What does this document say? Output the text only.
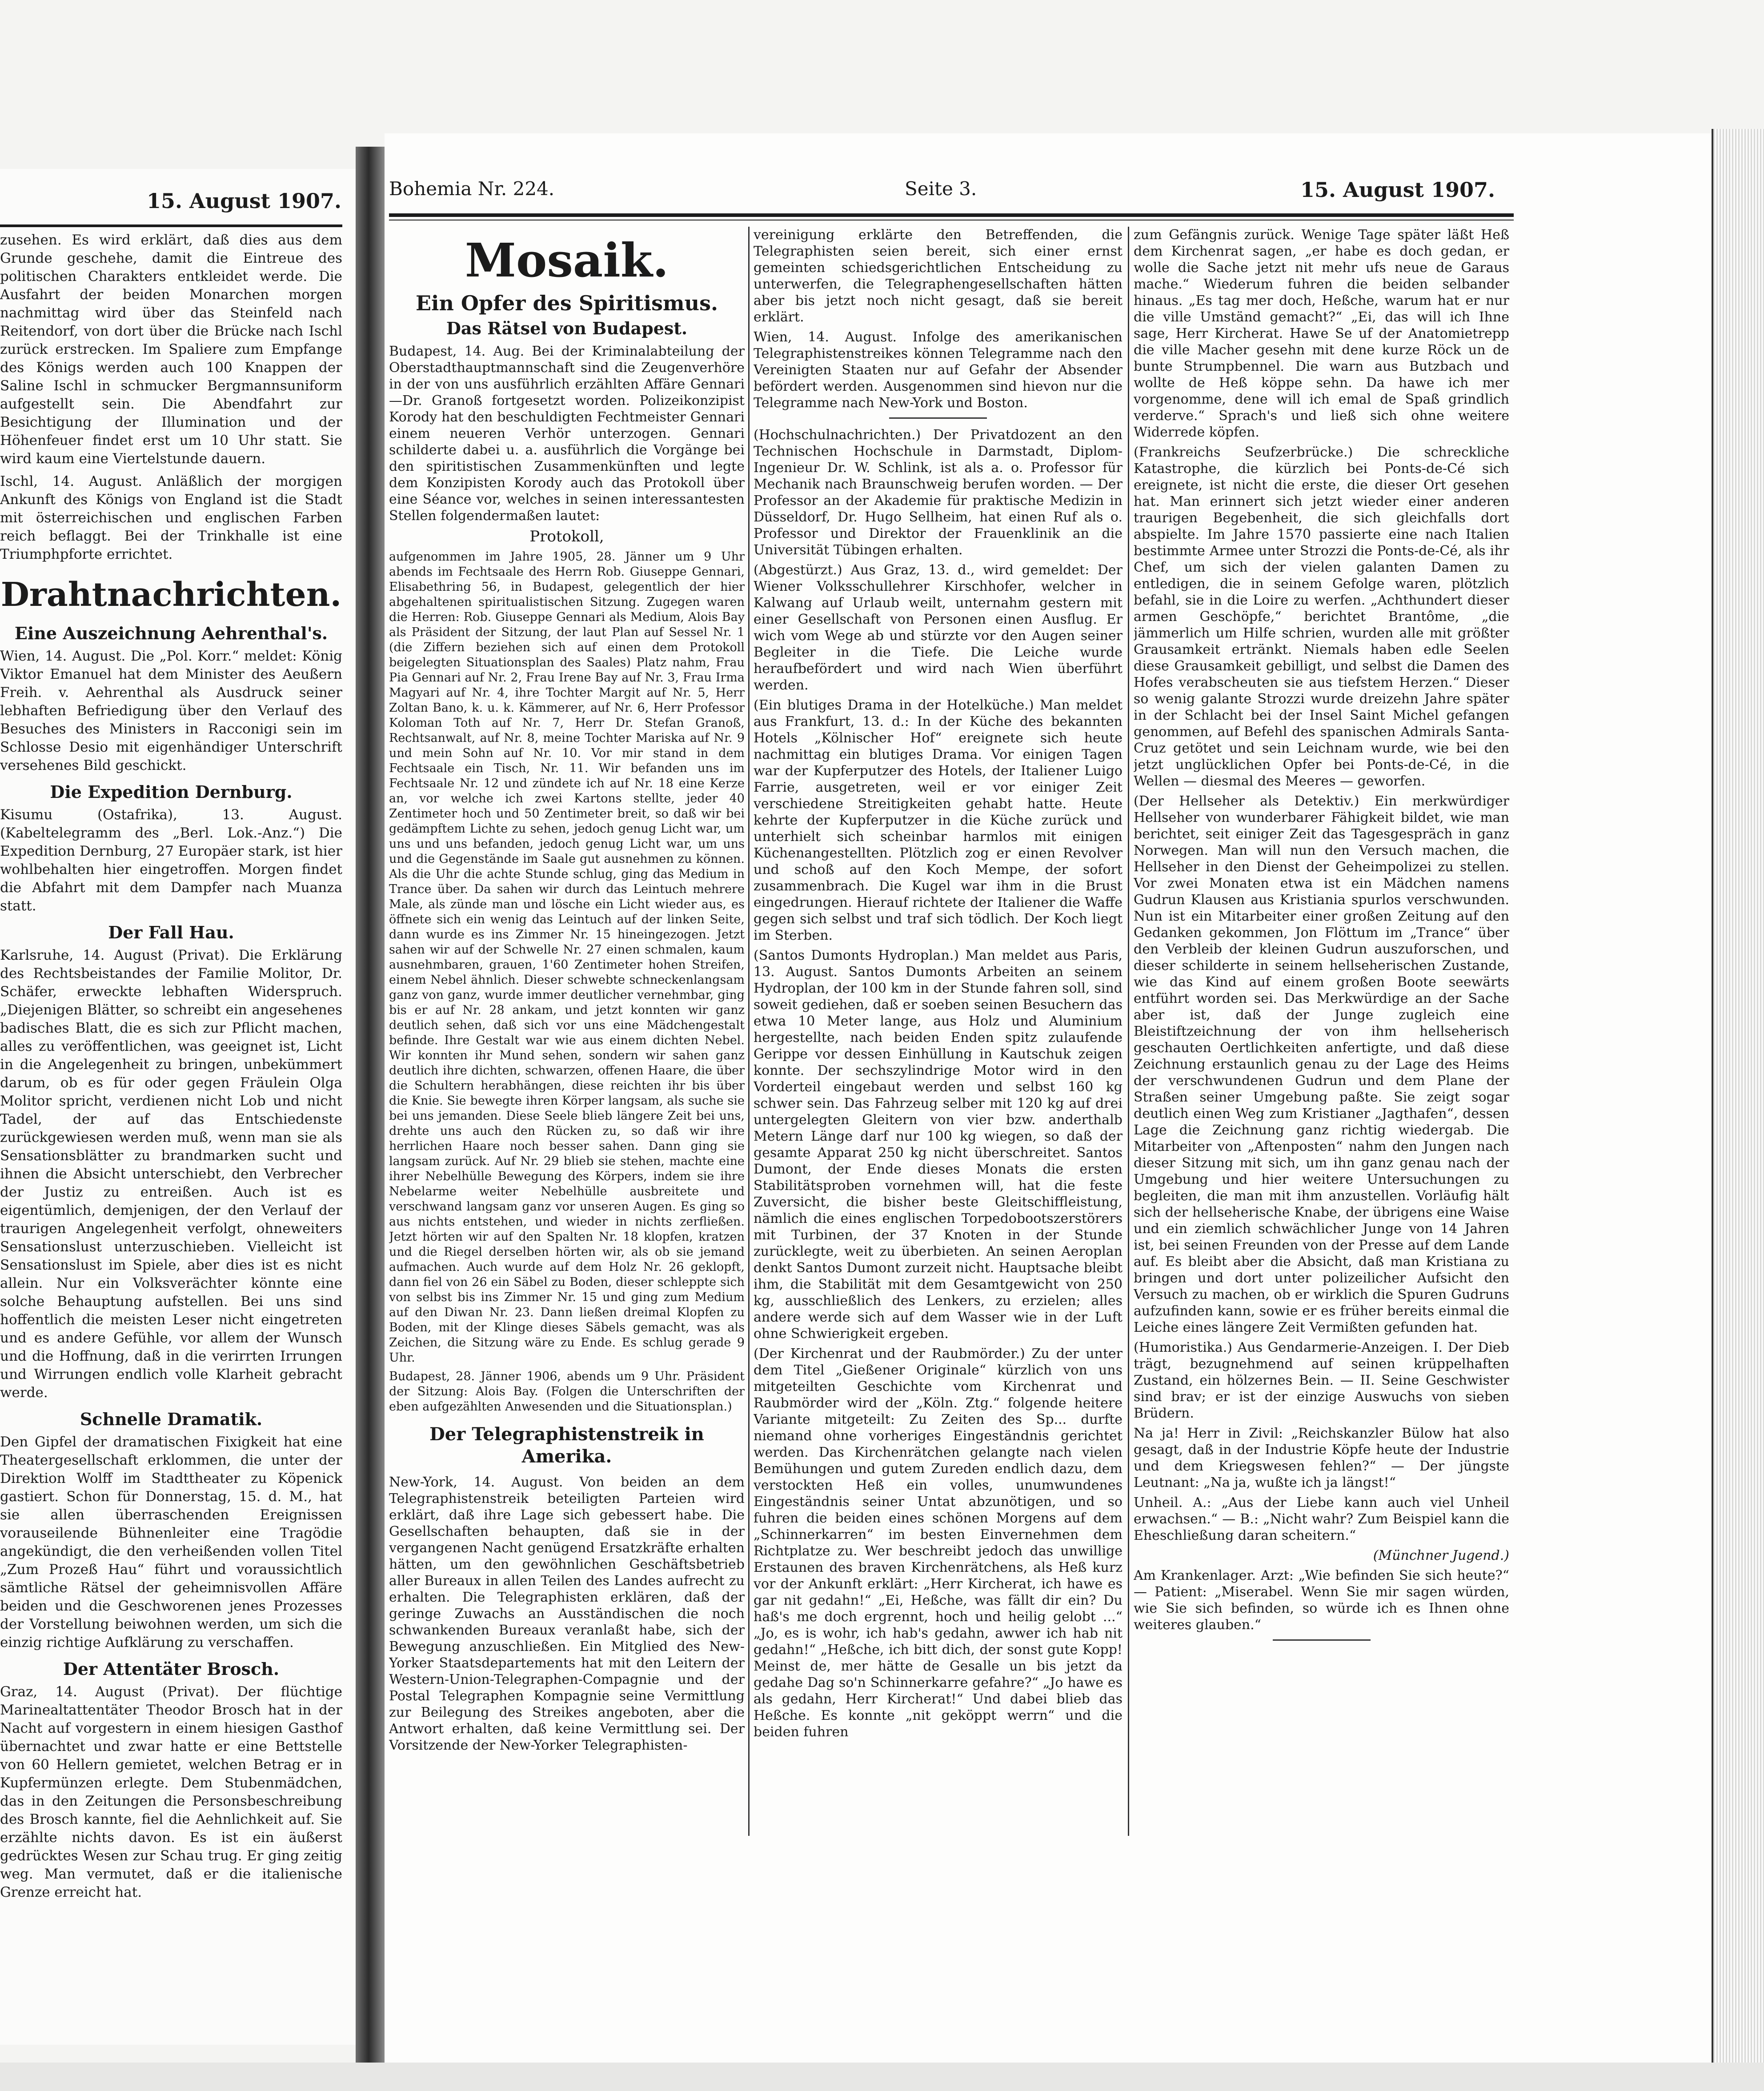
15. August 1907.

zusehen. Es wird erklärt, daß dies aus dem Grunde geschehe, damit die Eintreue des politischen Charakters entkleidet werde. Die Ausfahrt der beiden Monarchen morgen nachmittag wird über das Steinfeld nach Reitendorf, von dort über die Brücke nach Ischl zurück erstrecken. Im Spaliere zum Empfange des Königs werden auch 100 Knappen der Saline Ischl in schmucker Bergmannsuniform aufgestellt sein. Die Abendfahrt zur Besichtigung der Illumination und der Höhenfeuer findet erst um 10 Uhr statt. Sie wird kaum eine Viertelstunde dauern.

Ischl, 14. August. Anläßlich der morgigen Ankunft des Königs von England ist die Stadt mit österreichischen und englischen Farben reich beflaggt. Bei der Trinkhalle ist eine Triumphpforte errichtet.

Drahtnachrichten.
Eine Auszeichnung Aehrenthal's.

Wien, 14. August. Die „Pol. Korr.“ meldet: König Viktor Emanuel hat dem Minister des Aeußern Freih. v. Aehrenthal als Ausdruck seiner lebhaften Befriedigung über den Verlauf des Besuches des Ministers in Racconigi sein im Schlosse Desio mit eigenhändiger Unterschrift versehenes Bild geschickt.

Die Expedition Dernburg.

Kisumu (Ostafrika), 13. August. (Kabeltelegramm des „Berl. Lok.-Anz.“) Die Expedition Dernburg, 27 Europäer stark, ist hier wohlbehalten hier eingetroffen. Morgen findet die Abfahrt mit dem Dampfer nach Muanza statt.

Der Fall Hau.

Karlsruhe, 14. August (Privat). Die Erklärung des Rechtsbeistandes der Familie Molitor, Dr. Schäfer, erweckte lebhaften Widerspruch. „Diejenigen Blätter, so schreibt ein angesehenes badisches Blatt, die es sich zur Pflicht machen, alles zu veröffentlichen, was geeignet ist, Licht in die Angelegenheit zu bringen, unbekümmert darum, ob es für oder gegen Fräulein Olga Molitor spricht, verdienen nicht Lob und nicht Tadel, der auf das Entschiedenste zurückgewiesen werden muß, wenn man sie als Sensationsblätter zu brandmarken sucht und ihnen die Absicht unterschiebt, den Verbrecher der Justiz zu entreißen. Auch ist es eigentümlich, demjenigen, der den Verlauf der traurigen Angelegenheit verfolgt, ohneweiters Sensationslust unterzuschieben. Vielleicht ist Sensationslust im Spiele, aber dies ist es nicht allein. Nur ein Volksverächter könnte eine solche Behauptung aufstellen. Bei uns sind hoffentlich die meisten Leser nicht eingetreten und es andere Gefühle, vor allem der Wunsch und die Hoffnung, daß in die verirrten Irrungen und Wirrungen endlich volle Klarheit gebracht werde.

Schnelle Dramatik.

Den Gipfel der dramatischen Fixigkeit hat eine Theatergesellschaft erklommen, die unter der Direktion Wolff im Stadttheater zu Köpenick gastiert. Schon für Donnerstag, 15. d. M., hat sie allen überraschenden Ereignissen vorauseilende Bühnenleiter eine Tragödie angekündigt, die den verheißenden vollen Titel „Zum Prozeß Hau“ führt und voraussichtlich sämtliche Rätsel der geheimnisvollen Affäre beiden und die Geschworenen jenes Prozesses der Vorstellung beiwohnen werden, um sich die einzig richtige Aufklärung zu verschaffen.

Der Attentäter Brosch.

Graz, 14. August (Privat). Der flüchtige Marinealtattentäter Theodor Brosch hat in der Nacht auf vorgestern in einem hiesigen Gasthof übernachtet und zwar hatte er eine Bettstelle von 60 Hellern gemietet, welchen Betrag er in Kupfermünzen erlegte. Dem Stubenmädchen, das in den Zeitungen die Personsbeschreibung des Brosch kannte, fiel die Aehnlichkeit auf. Sie erzählte nichts davon. Es ist ein äußerst gedrücktes Wesen zur Schau trug. Er ging zeitig weg. Man vermutet, daß er die italienische Grenze erreicht hat.

Bohemia Nr. 224.	Seite 3.	15. August 1907.
Mosaik.
Ein Opfer des Spiritismus.
Das Rätsel von Budapest.

Budapest, 14. Aug. Bei der Kriminalabteilung der Oberstadthauptmannschaft sind die Zeugenverhöre in der von uns ausführlich erzählten Affäre Gennari—Dr. Granoß fortgesetzt worden. Polizeikonzipist Korody hat den beschuldigten Fechtmeister Gennari einem neueren Verhör unterzogen. Gennari schilderte dabei u. a. ausführlich die Vorgänge bei den spiritistischen Zusammenkünften und legte dem Konzipisten Korody auch das Protokoll über eine Séance vor, welches in seinen interessantesten Stellen folgendermaßen lautet:

Protokoll,

aufgenommen im Jahre 1905, 28. Jänner um 9 Uhr abends im Fechtsaale des Herrn Rob. Giuseppe Gennari, Elisabethring 56, in Budapest, gelegentlich der hier abgehaltenen spiritualistischen Sitzung. Zugegen waren die Herren: Rob. Giuseppe Gennari als Medium, Alois Bay als Präsident der Sitzung, der laut Plan auf Sessel Nr. 1 (die Ziffern beziehen sich auf einen dem Protokoll beigelegten Situationsplan des Saales) Platz nahm, Frau Pia Gennari auf Nr. 2, Frau Irene Bay auf Nr. 3, Frau Irma Magyari auf Nr. 4, ihre Tochter Margit auf Nr. 5, Herr Zoltan Bano, k. u. k. Kämmerer, auf Nr. 6, Herr Professor Koloman Toth auf Nr. 7, Herr Dr. Stefan Granoß, Rechtsanwalt, auf Nr. 8, meine Tochter Mariska auf Nr. 9 und mein Sohn auf Nr. 10. Vor mir stand in dem Fechtsaale ein Tisch, Nr. 11. Wir befanden uns im Fechtsaale Nr. 12 und zündete ich auf Nr. 18 eine Kerze an, vor welche ich zwei Kartons stellte, jeder 40 Zentimeter hoch und 50 Zentimeter breit, so daß wir bei gedämpftem Lichte zu sehen, jedoch genug Licht war, um uns und uns befanden, jedoch genug Licht war, um uns und die Gegenstände im Saale gut ausnehmen zu können. Als die Uhr die achte Stunde schlug, ging das Medium in Trance über. Da sahen wir durch das Leintuch mehrere Male, als zünde man und lösche ein Licht wieder aus, es öffnete sich ein wenig das Leintuch auf der linken Seite, dann wurde es ins Zimmer Nr. 15 hineingezogen. Jetzt sahen wir auf der Schwelle Nr. 27 einen schmalen, kaum ausnehmbaren, grauen, 1'60 Zentimeter hohen Streifen, einem Nebel ähnlich. Dieser schwebte schneckenlangsam ganz von ganz, wurde immer deutlicher vernehmbar, ging bis er auf Nr. 28 ankam, und jetzt konnten wir ganz deutlich sehen, daß sich vor uns eine Mädchengestalt befinde. Ihre Gestalt war wie aus einem dichten Nebel. Wir konnten ihr Mund sehen, sondern wir sahen ganz deutlich ihre dichten, schwarzen, offenen Haare, die über die Schultern herabhängen, diese reichten ihr bis über die Knie. Sie bewegte ihren Körper langsam, als suche sie bei uns jemanden. Diese Seele blieb längere Zeit bei uns, drehte uns auch den Rücken zu, so daß wir ihre herrlichen Haare noch besser sahen. Dann ging sie langsam zurück. Auf Nr. 29 blieb sie stehen, machte eine ihrer Nebelhülle Bewegung des Körpers, indem sie ihre Nebelarme weiter Nebelhülle ausbreitete und verschwand langsam ganz vor unseren Augen. Es ging so aus nichts entstehen, und wieder in nichts zerfließen. Jetzt hörten wir auf den Spalten Nr. 18 klopfen, kratzen und die Riegel derselben hörten wir, als ob sie jemand aufmachen. Auch wurde auf dem Holz Nr. 26 geklopft, dann fiel von 26 ein Säbel zu Boden, dieser schleppte sich von selbst bis ins Zimmer Nr. 15 und ging zum Medium auf den Diwan Nr. 23. Dann ließen dreimal Klopfen zu Boden, mit der Klinge dieses Säbels gemacht, was als Zeichen, die Sitzung wäre zu Ende. Es schlug gerade 9 Uhr.

Budapest, 28. Jänner 1906, abends um 9 Uhr. Präsident der Sitzung: Alois Bay. (Folgen die Unterschriften der eben aufgezählten Anwesenden und die Situationsplan.)

Der Telegraphistenstreik in Amerika.

New-York, 14. August. Von beiden an dem Telegraphistenstreik beteiligten Parteien wird erklärt, daß ihre Lage sich gebessert habe. Die Gesellschaften behaupten, daß sie in der vergangenen Nacht genügend Ersatzkräfte erhalten hätten, um den gewöhnlichen Geschäftsbetrieb aller Bureaux in allen Teilen des Landes aufrecht zu erhalten. Die Telegraphisten erklären, daß der geringe Zuwachs an Ausständischen die noch schwankenden Bureaux veranlaßt habe, sich der Bewegung anzuschließen. Ein Mitglied des New-Yorker Staatsdepartements hat mit den Leitern der Western-Union-Telegraphen-Compagnie und der Postal Telegraphen Kompagnie seine Vermittlung zur Beilegung des Streikes angeboten, aber die Antwort erhalten, daß keine Vermittlung sei. Der Vorsitzende der New-Yorker Telegraphisten-

vereinigung erklärte den Betreffenden, die Telegraphisten seien bereit, sich einer ernst gemeinten schiedsgerichtlichen Entscheidung zu unterwerfen, die Telegraphengesellschaften hätten aber bis jetzt noch nicht gesagt, daß sie bereit erklärt.

Wien, 14. August. Infolge des amerikanischen Telegraphistenstreikes können Telegramme nach den Vereinigten Staaten nur auf Gefahr der Absender befördert werden. Ausgenommen sind hievon nur die Telegramme nach New-York und Boston.

(Hochschulnachrichten.) Der Privatdozent an den Technischen Hochschule in Darmstadt, Diplom-Ingenieur Dr. W. Schlink, ist als a. o. Professor für Mechanik nach Braunschweig berufen worden. — Der Professor an der Akademie für praktische Medizin in Düsseldorf, Dr. Hugo Sellheim, hat einen Ruf als o. Professor und Direktor der Frauenklinik an die Universität Tübingen erhalten.

(Abgestürzt.) Aus Graz, 13. d., wird gemeldet: Der Wiener Volksschullehrer Kirschhofer, welcher in Kalwang auf Urlaub weilt, unternahm gestern mit einer Gesellschaft von Personen einen Ausflug. Er wich vom Wege ab und stürzte vor den Augen seiner Begleiter in die Tiefe. Die Leiche wurde heraufbefördert und wird nach Wien überführt werden.

(Ein blutiges Drama in der Hotelküche.) Man meldet aus Frankfurt, 13. d.: In der Küche des bekannten Hotels „Kölnischer Hof“ ereignete sich heute nachmittag ein blutiges Drama. Vor einigen Tagen war der Kupferputzer des Hotels, der Italiener Luigo Farrie, ausgetreten, weil er vor einiger Zeit verschiedene Streitigkeiten gehabt hatte. Heute kehrte der Kupferputzer in die Küche zurück und unterhielt sich scheinbar harmlos mit einigen Küchenangestellten. Plötzlich zog er einen Revolver und schoß auf den Koch Mempe, der sofort zusammenbrach. Die Kugel war ihm in die Brust eingedrungen. Hierauf richtete der Italiener die Waffe gegen sich selbst und traf sich tödlich. Der Koch liegt im Sterben.

(Santos Dumonts Hydroplan.) Man meldet aus Paris, 13. August. Santos Dumonts Arbeiten an seinem Hydroplan, der 100 km in der Stunde fahren soll, sind soweit gediehen, daß er soeben seinen Besuchern das etwa 10 Meter lange, aus Holz und Aluminium hergestellte, nach beiden Enden spitz zulaufende Gerippe vor dessen Einhüllung in Kautschuk zeigen konnte. Der sechszylindrige Motor wird in den Vorderteil eingebaut werden und selbst 160 kg schwer sein. Das Fahrzeug selber mit 120 kg auf drei untergelegten Gleitern von vier bzw. anderthalb Metern Länge darf nur 100 kg wiegen, so daß der gesamte Apparat 250 kg nicht überschreitet. Santos Dumont, der Ende dieses Monats die ersten Stabilitätsproben vornehmen will, hat die feste Zuversicht, die bisher beste Gleitschiffleistung, nämlich die eines englischen Torpedobootszerstörers mit Turbinen, der 37 Knoten in der Stunde zurücklegte, weit zu überbieten. An seinen Aeroplan denkt Santos Dumont zurzeit nicht. Hauptsache bleibt ihm, die Stabilität mit dem Gesamtgewicht von 250 kg, ausschließlich des Lenkers, zu erzielen; alles andere werde sich auf dem Wasser wie in der Luft ohne Schwierigkeit ergeben.

(Der Kirchenrat und der Raubmörder.) Zu der unter dem Titel „Gießener Originale“ kürzlich von uns mitgeteilten Geschichte vom Kirchenrat und Raubmörder wird der „Köln. Ztg.“ folgende heitere Variante mitgeteilt: Zu Zeiten des Sp... durfte niemand ohne vorheriges Eingeständnis gerichtet werden. Das Kirchenrätchen gelangte nach vielen Bemühungen und gutem Zureden endlich dazu, dem verstockten Heß ein volles, unumwundenes Eingeständnis seiner Untat abzunötigen, und so fuhren die beiden eines schönen Morgens auf dem „Schinnerkarren“ im besten Einvernehmen dem Richtplatze zu. Wer beschreibt jedoch das unwillige Erstaunen des braven Kirchenrätchens, als Heß kurz vor der Ankunft erklärt: „Herr Kircherat, ich hawe es gar nit gedahn!“ „Ei, Heßche, was fällt dir ein? Du haß's me doch ergrennt, hoch und heilig gelobt ...“ „Jo, es is wohr, ich hab's gedahn, awwer ich hab nit gedahn!“ „Heßche, ich bitt dich, der sonst gute Kopp! Meinst de, mer hätte de Gesalle un bis jetzt da gedahe Dag so'n Schinnerkarre gefahre?“ „Jo hawe es als gedahn, Herr Kircherat!“ Und dabei blieb das Heßche. Es konnte „nit geköppt werrn“ und die beiden fuhren

zum Gefängnis zurück. Wenige Tage später läßt Heß dem Kirchenrat sagen, „er habe es doch gedan, er wolle die Sache jetzt nit mehr ufs neue de Garaus mache.“ Wiederum fuhren die beiden selbander hinaus. „Es tag mer doch, Heßche, warum hat er nur die ville Umständ gemacht?“ „Ei, das will ich Ihne sage, Herr Kircherat. Hawe Se uf der Anatomietrepp die ville Macher gesehn mit dene kurze Röck un de bunte Strumpbennel. Die warn aus Butzbach und wollte de Heß köppe sehn. Da hawe ich mer vorgenomme, dene will ich emal de Spaß grindlich verderve.“ Sprach's und ließ sich ohne weitere Widerrede köpfen.

(Frankreichs Seufzerbrücke.) Die schreckliche Katastrophe, die kürzlich bei Ponts-de-Cé sich ereignete, ist nicht die erste, die dieser Ort gesehen hat. Man erinnert sich jetzt wieder einer anderen traurigen Begebenheit, die sich gleichfalls dort abspielte. Im Jahre 1570 passierte eine nach Italien bestimmte Armee unter Strozzi die Ponts-de-Cé, als ihr Chef, um sich der vielen galanten Damen zu entledigen, die in seinem Gefolge waren, plötzlich befahl, sie in die Loire zu werfen. „Achthundert dieser armen Geschöpfe,“ berichtet Brantôme, „die jämmerlich um Hilfe schrien, wurden alle mit größter Grausamkeit ertränkt. Niemals haben edle Seelen diese Grausamkeit gebilligt, und selbst die Damen des Hofes verabscheuten sie aus tiefstem Herzen.“ Dieser so wenig galante Strozzi wurde dreizehn Jahre später in der Schlacht bei der Insel Saint Michel gefangen genommen, auf Befehl des spanischen Admirals Santa-Cruz getötet und sein Leichnam wurde, wie bei den jetzt unglücklichen Opfer bei Ponts-de-Cé, in die Wellen — diesmal des Meeres — geworfen.

(Der Hellseher als Detektiv.) Ein merkwürdiger Hellseher von wunderbarer Fähigkeit bildet, wie man berichtet, seit einiger Zeit das Tagesgespräch in ganz Norwegen. Man will nun den Versuch machen, die Hellseher in den Dienst der Geheimpolizei zu stellen. Vor zwei Monaten etwa ist ein Mädchen namens Gudrun Klausen aus Kristiania spurlos verschwunden. Nun ist ein Mitarbeiter einer großen Zeitung auf den Gedanken gekommen, Jon Flöttum im „Trance“ über den Verbleib der kleinen Gudrun auszuforschen, und dieser schilderte in seinem hellseherischen Zustande, wie das Kind auf einem großen Boote seewärts entführt worden sei. Das Merkwürdige an der Sache aber ist, daß der Junge zugleich eine Bleistiftzeichnung der von ihm hellseherisch geschauten Oertlichkeiten anfertigte, und daß diese Zeichnung erstaunlich genau zu der Lage des Heims der verschwundenen Gudrun und dem Plane der Straßen seiner Umgebung paßte. Sie zeigt sogar deutlich einen Weg zum Kristianer „Jagthafen“, dessen Lage die Zeichnung ganz richtig wiedergab. Die Mitarbeiter von „Aftenposten“ nahm den Jungen nach dieser Sitzung mit sich, um ihn ganz genau nach der Umgebung und hier weitere Untersuchungen zu begleiten, die man mit ihm anzustellen. Vorläufig hält sich der hellseherische Knabe, der übrigens eine Waise und ein ziemlich schwächlicher Junge von 14 Jahren ist, bei seinen Freunden von der Presse auf dem Lande auf. Es bleibt aber die Absicht, daß man Kristiana zu bringen und dort unter polizeilicher Aufsicht den Versuch zu machen, ob er wirklich die Spuren Gudruns aufzufinden kann, sowie er es früher bereits einmal die Leiche eines längere Zeit Vermißten gefunden hat.

(Humoristika.) Aus Gendarmerie-Anzeigen. I. Der Dieb trägt, bezugnehmend auf seinen krüppelhaften Zustand, ein hölzernes Bein. — II. Seine Geschwister sind brav; er ist der einzige Auswuchs von sieben Brüdern.

Na ja! Herr in Zivil: „Reichskanzler Bülow hat also gesagt, daß in der Industrie Köpfe heute der Industrie und dem Kriegswesen fehlen?“ — Der jüngste Leutnant: „Na ja, wußte ich ja längst!“

Unheil. A.: „Aus der Liebe kann auch viel Unheil erwachsen.“ — B.: „Nicht wahr? Zum Beispiel kann die Eheschließung daran scheitern.“

(Münchner Jugend.)

Am Krankenlager. Arzt: „Wie befinden Sie sich heute?“ — Patient: „Miserabel. Wenn Sie mir sagen würden, wie Sie sich befinden, so würde ich es Ihnen ohne weiteres glauben.“
